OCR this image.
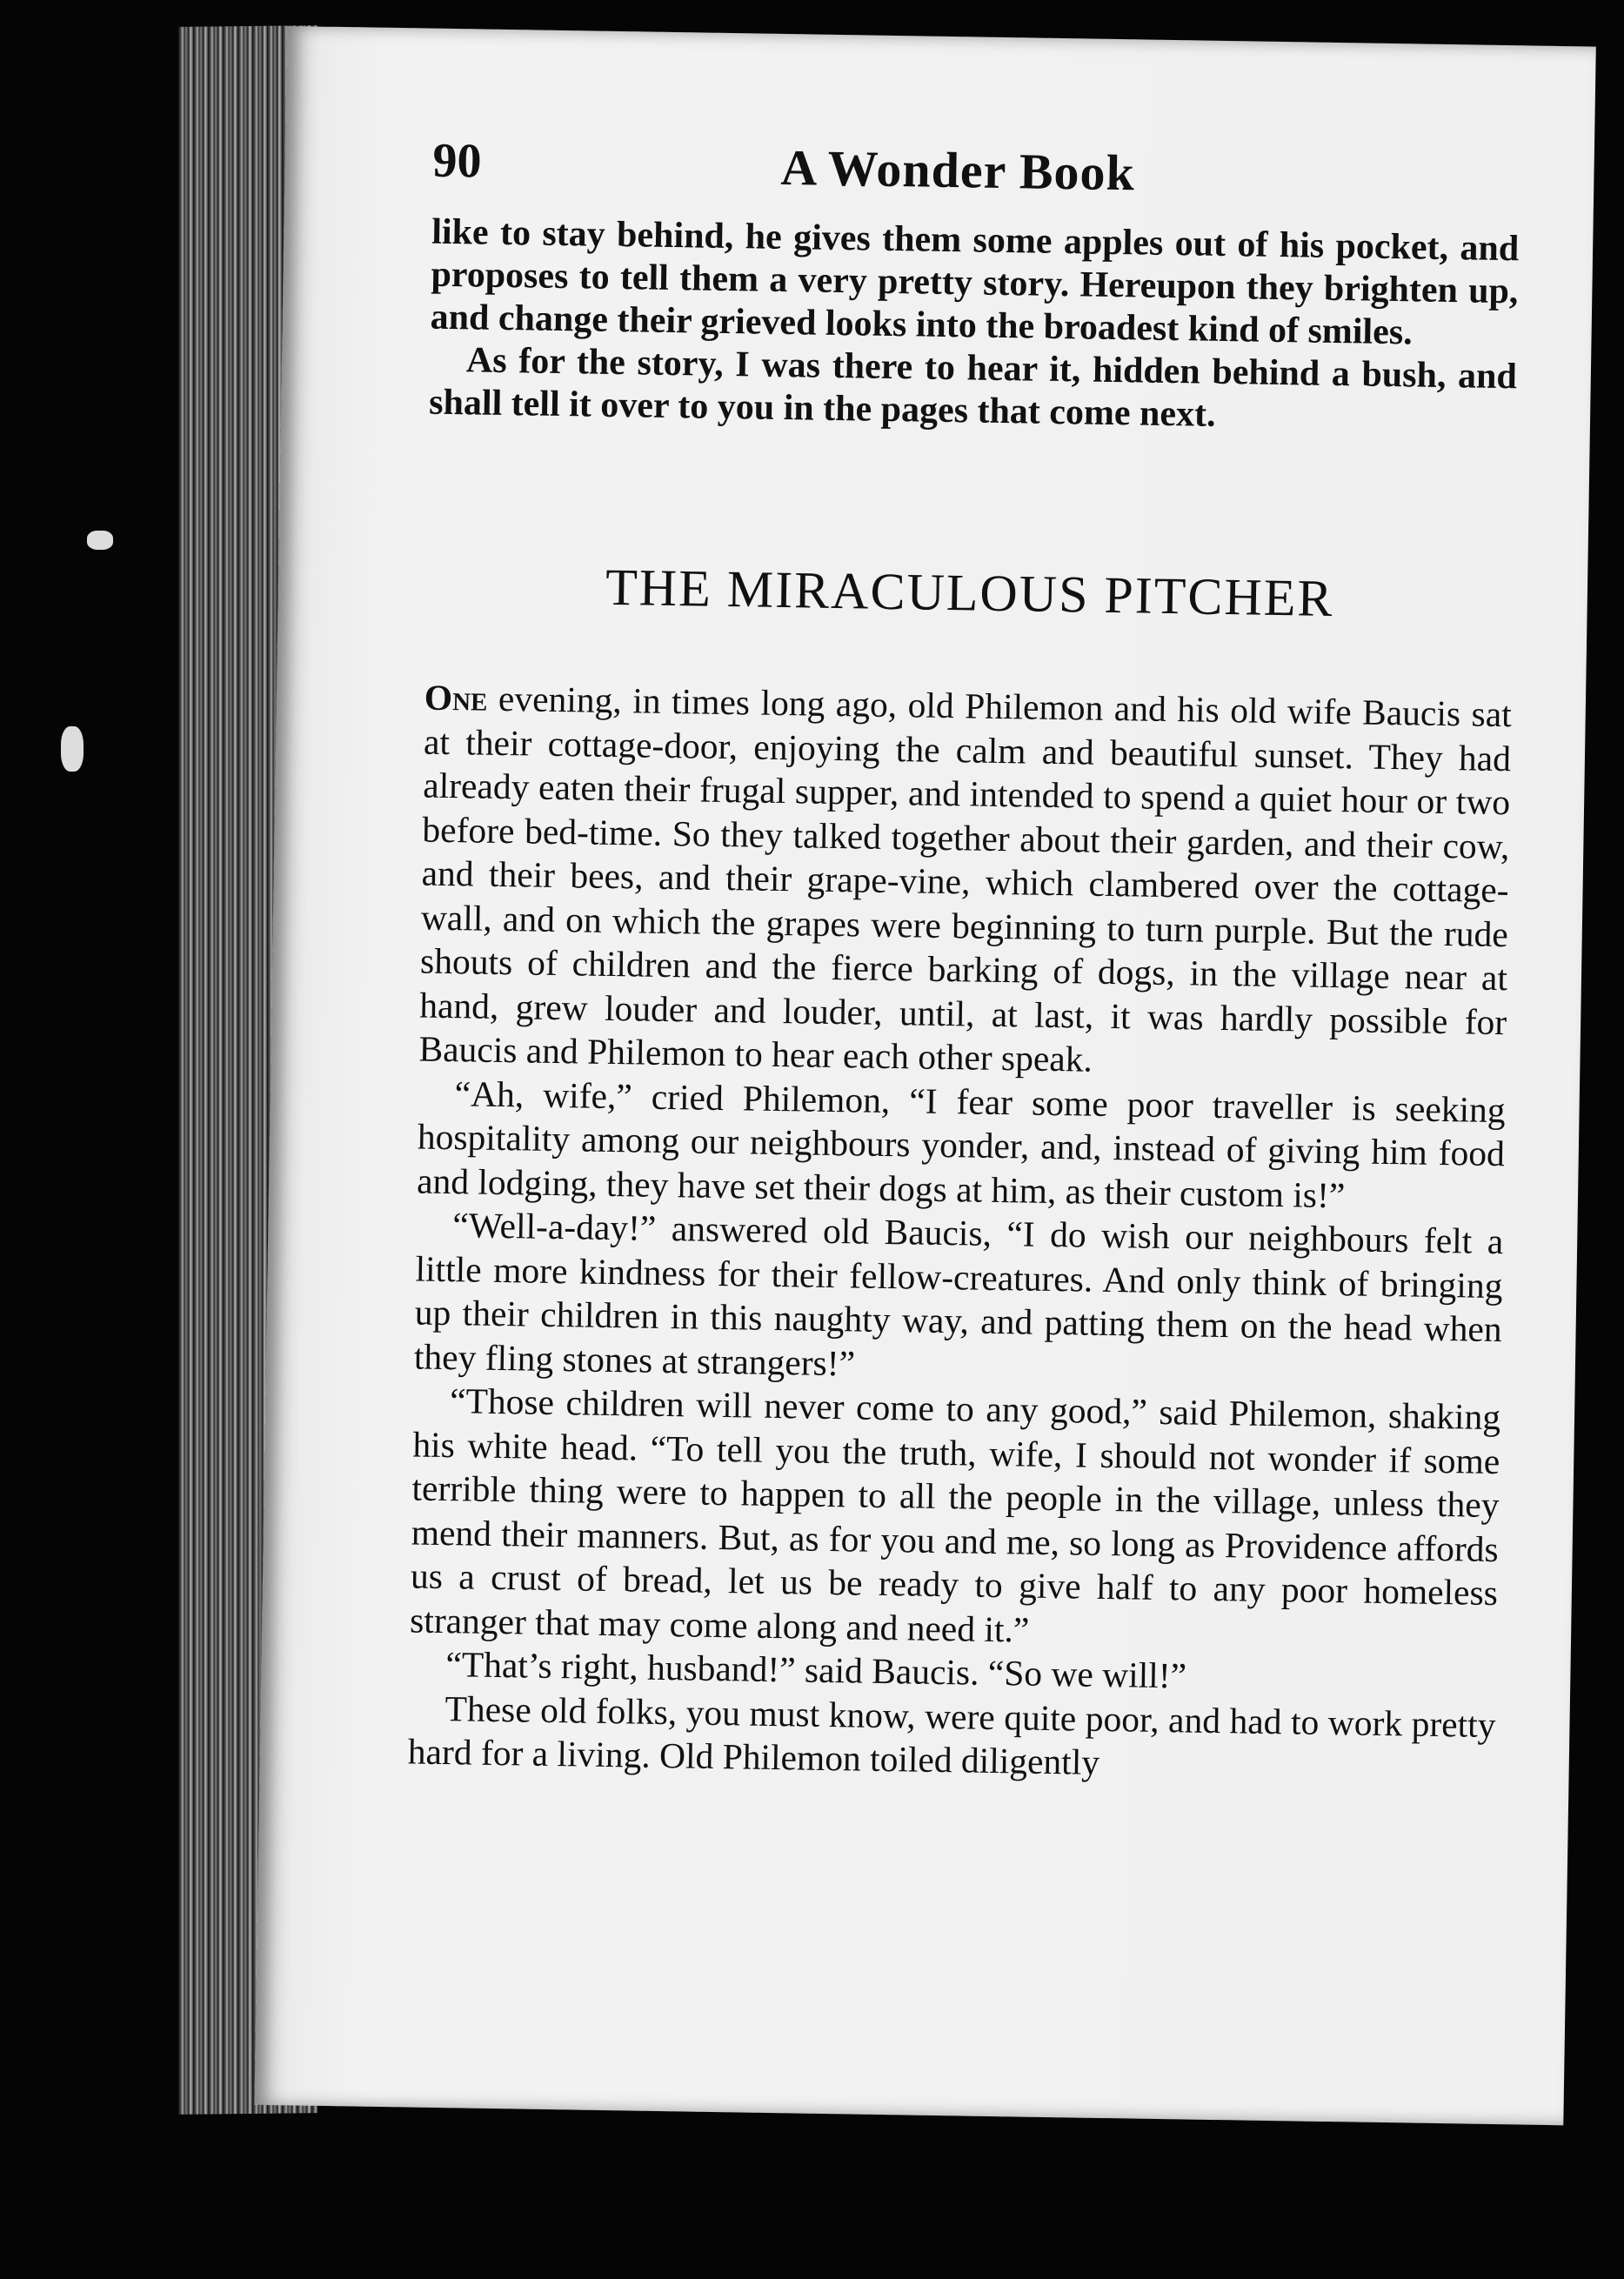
90	A Wonder Book

like to stay behind, he gives them some apples out of his pocket, and proposes to tell them a very pretty story. Hereupon they brighten up, and change their grieved looks into the broadest kind of smiles.

As for the story, I was there to hear it, hidden behind a bush, and shall tell it over to you in the pages that come next.

THE MIRACULOUS PITCHER

One evening, in times long ago, old Philemon and his old wife Baucis sat at their cottage-door, enjoying the calm and beautiful sunset. They had already eaten their frugal supper, and intended to spend a quiet hour or two before bed-time. So they talked together about their garden, and their cow, and their bees, and their grape-vine, which clambered over the cottage-wall, and on which the grapes were beginning to turn purple. But the rude shouts of children and the fierce barking of dogs, in the village near at hand, grew louder and louder, until, at last, it was hardly possible for Baucis and Philemon to hear each other speak.

“Ah, wife,” cried Philemon, “I fear some poor traveller is seeking hospitality among our neighbours yonder, and, instead of giving him food and lodging, they have set their dogs at him, as their custom is!”

“Well-a-day!” answered old Baucis, “I do wish our neighbours felt a little more kindness for their fellow-creatures. And only think of bringing up their children in this naughty way, and patting them on the head when they fling stones at strangers!”

“Those children will never come to any good,” said Philemon, shaking his white head. “To tell you the truth, wife, I should not wonder if some terrible thing were to happen to all the people in the village, unless they mend their manners. But, as for you and me, so long as Providence affords us a crust of bread, let us be ready to give half to any poor homeless stranger that may come along and need it.”

“That’s right, husband!” said Baucis. “So we will!”

These old folks, you must know, were quite poor, and had to work pretty hard for a living. Old Philemon toiled diligently
